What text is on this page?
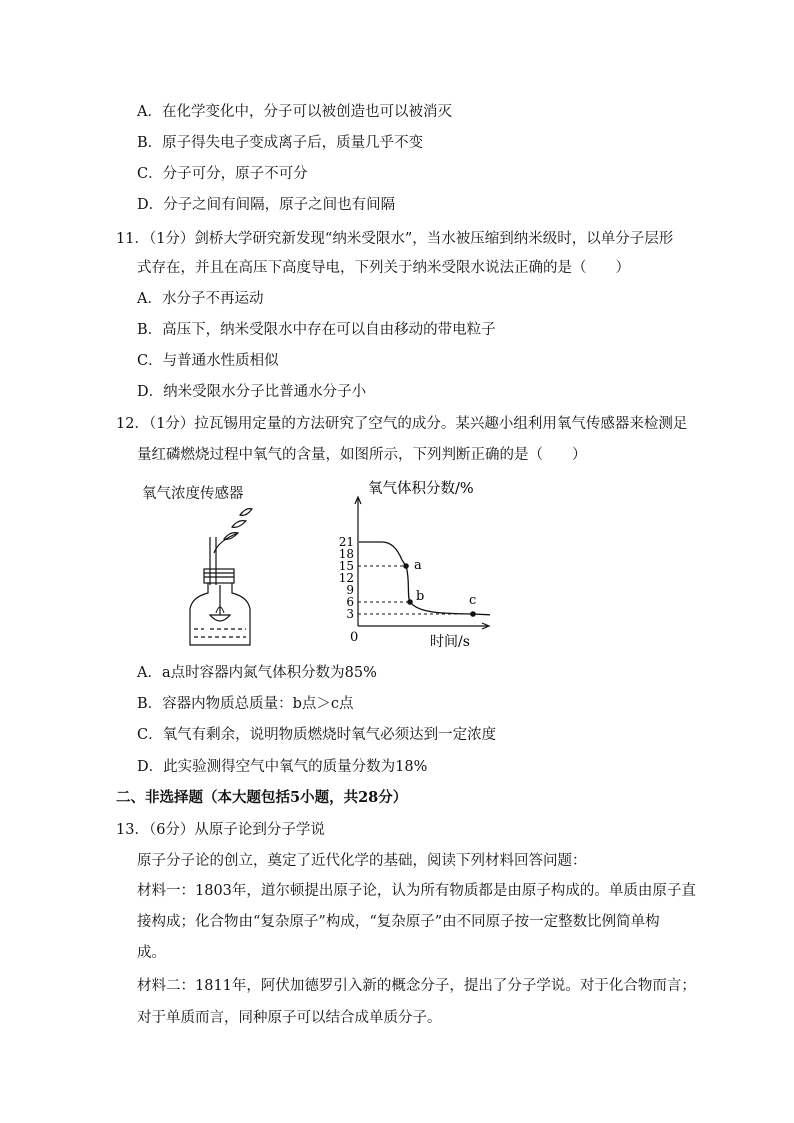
A．在化学变化中，分子可以被创造也可以被消灭
B．原子得失电子变成离子后，质量几乎不变
C．分子可分，原子不可分
D．分子之间有间隔，原子之间也有间隔
11．（1分）剑桥大学研究新发现“纳米受限水”，当水被压缩到纳米级时，以单分子层形
式存在，并且在高压下高度导电，下列关于纳米受限水说法正确的是（　　）
A．水分子不再运动
B．高压下，纳米受限水中存在可以自由移动的带电粒子
C．与普通水性质相似
D．纳米受限水分子比普通水分子小
12．（1分）拉瓦锡用定量的方法研究了空气的成分。某兴趣小组利用氧气传感器来检测足
量红磷燃烧过程中氧气的含量，如图所示，下列判断正确的是（　　）
氧气浓度传感器	氧气体积分数/%
时间/s
0
21
18
15
12
9
6
3
a
b	c
A．a点时容器内氮气体积分数为85%
B．容器内物质总质量：b点＞c点
C．氧气有剩余，说明物质燃烧时氧气必须达到一定浓度
D．此实验测得空气中氧气的质量分数为18%
二、非选择题（本大题包括5小题，共28分）
13．（6分）从原子论到分子学说
原子分子论的创立，奠定了近代化学的基础，阅读下列材料回答问题：
材料一：1803年，道尔顿提出原子论，认为所有物质都是由原子构成的。单质由原子直
接构成；化合物由“复杂原子”构成，“复杂原子”由不同原子按一定整数比例简单构
成。
材料二：1811年，阿伏加德罗引入新的概念分子，提出了分子学说。对于化合物而言；
对于单质而言，同种原子可以结合成单质分子。
